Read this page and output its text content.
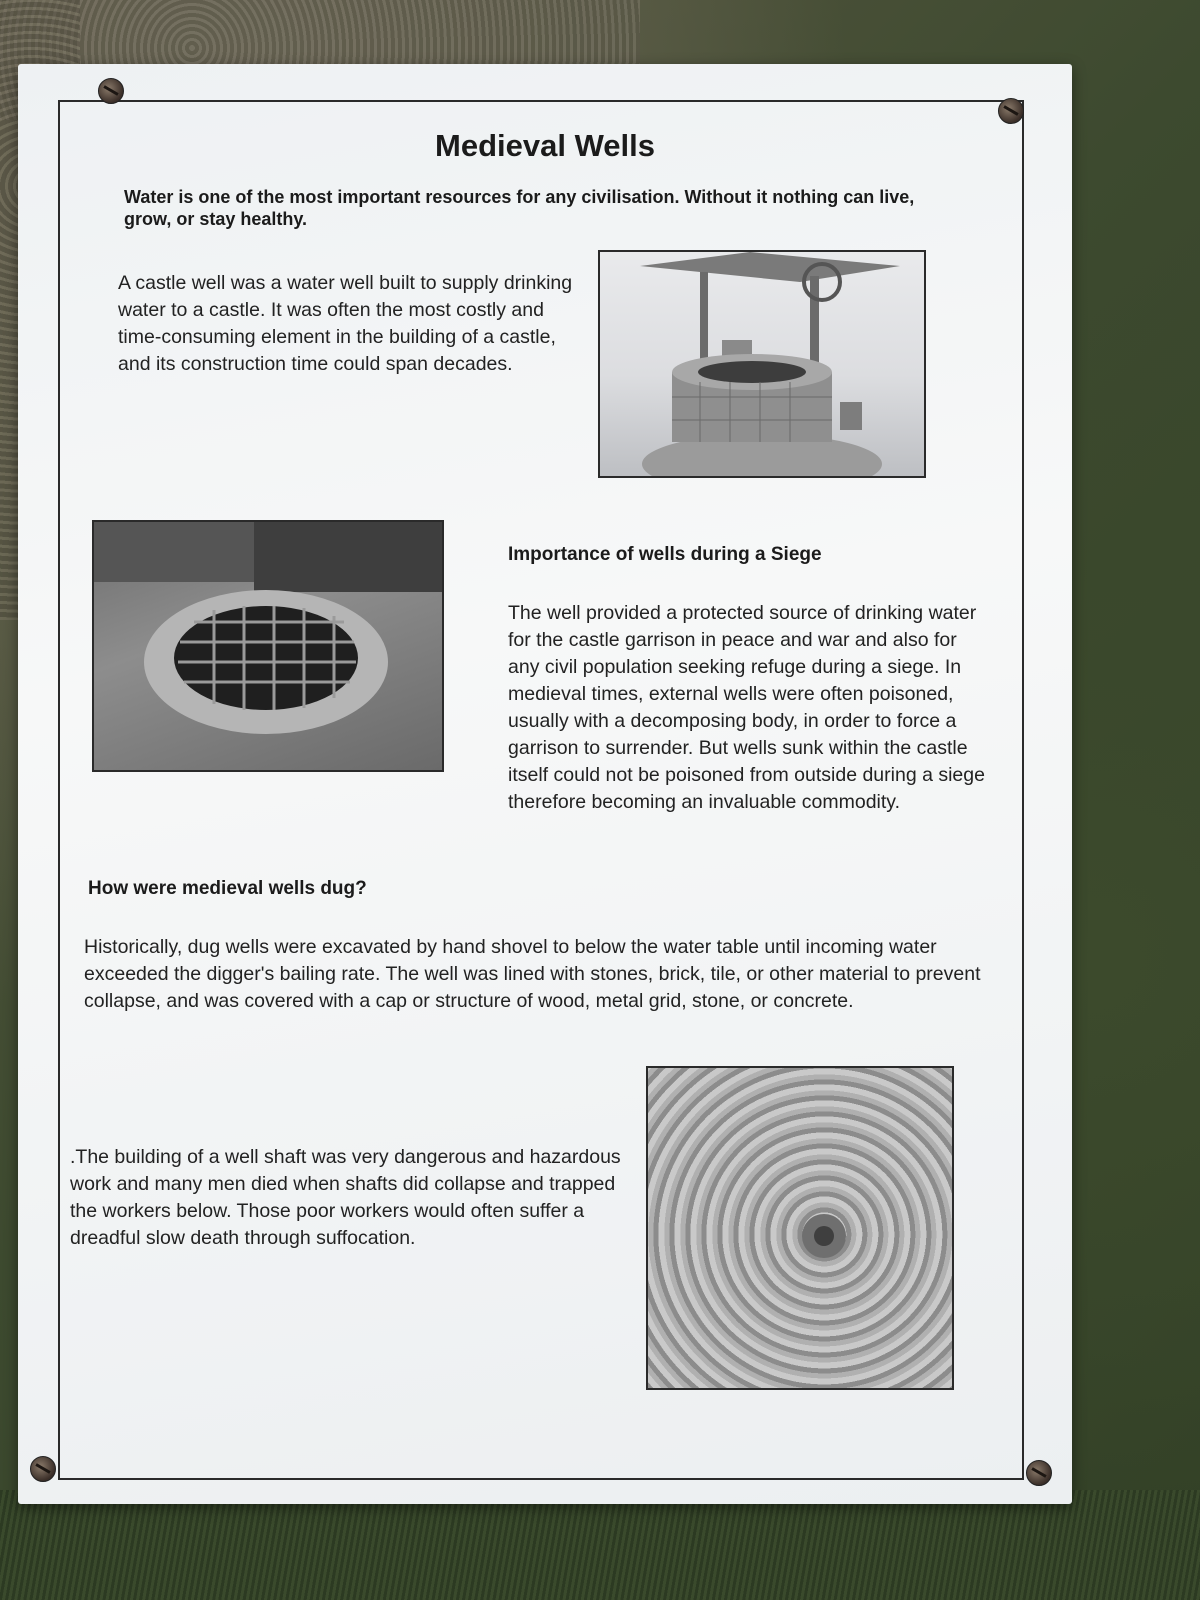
Medieval Wells
Water is one of the most important resources for any civilisation. Without it nothing can live, grow, or stay healthy.
A castle well was a water well built to supply drinking water to a castle. It was often the most costly and time-consuming element in the building of a castle, and its construction time could span decades.
Importance of wells during a Siege
The well provided a protected source of drinking water for the castle garrison in peace and war and also for any civil population seeking refuge during a siege. In medieval times, external wells were often poisoned, usually with a decomposing body, in order to force a garrison to surrender. But wells sunk within the castle itself could not be poisoned from outside during a siege therefore becoming an invaluable commodity.
How were medieval wells dug?
Historically, dug wells were excavated by hand shovel to below the water table until incoming water exceeded the digger's bailing rate. The well was lined with stones, brick, tile, or other material to prevent collapse, and was covered with a cap or structure of wood, metal grid, stone, or concrete.
.The building of a well shaft was very dangerous and hazardous work and many men died when shafts did collapse and trapped the workers below. Those poor workers would often suffer a dreadful slow death through suffocation.
